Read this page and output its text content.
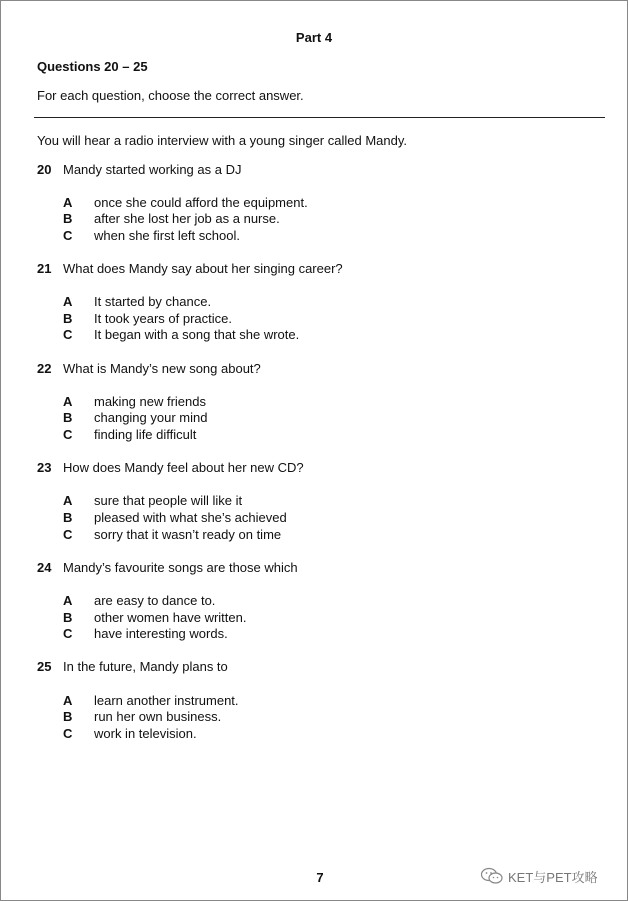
Part 4
Questions 20 – 25
For each question, choose the correct answer.
You will hear a radio interview with a young singer called Mandy.
20 Mandy started working as a DJ
A once she could afford the equipment.
B after she lost her job as a nurse.
C when she first left school.
21 What does Mandy say about her singing career?
A It started by chance.
B It took years of practice.
C It began with a song that she wrote.
22 What is Mandy’s new song about?
A making new friends
B changing your mind
C finding life difficult
23 How does Mandy feel about her new CD?
A sure that people will like it
B pleased with what she’s achieved
C sorry that it wasn’t ready on time
24 Mandy’s favourite songs are those which
A are easy to dance to.
B other women have written.
C have interesting words.
25 In the future, Mandy plans to
A learn another instrument.
B run her own business.
C work in television.
7	KET与PET攻略
